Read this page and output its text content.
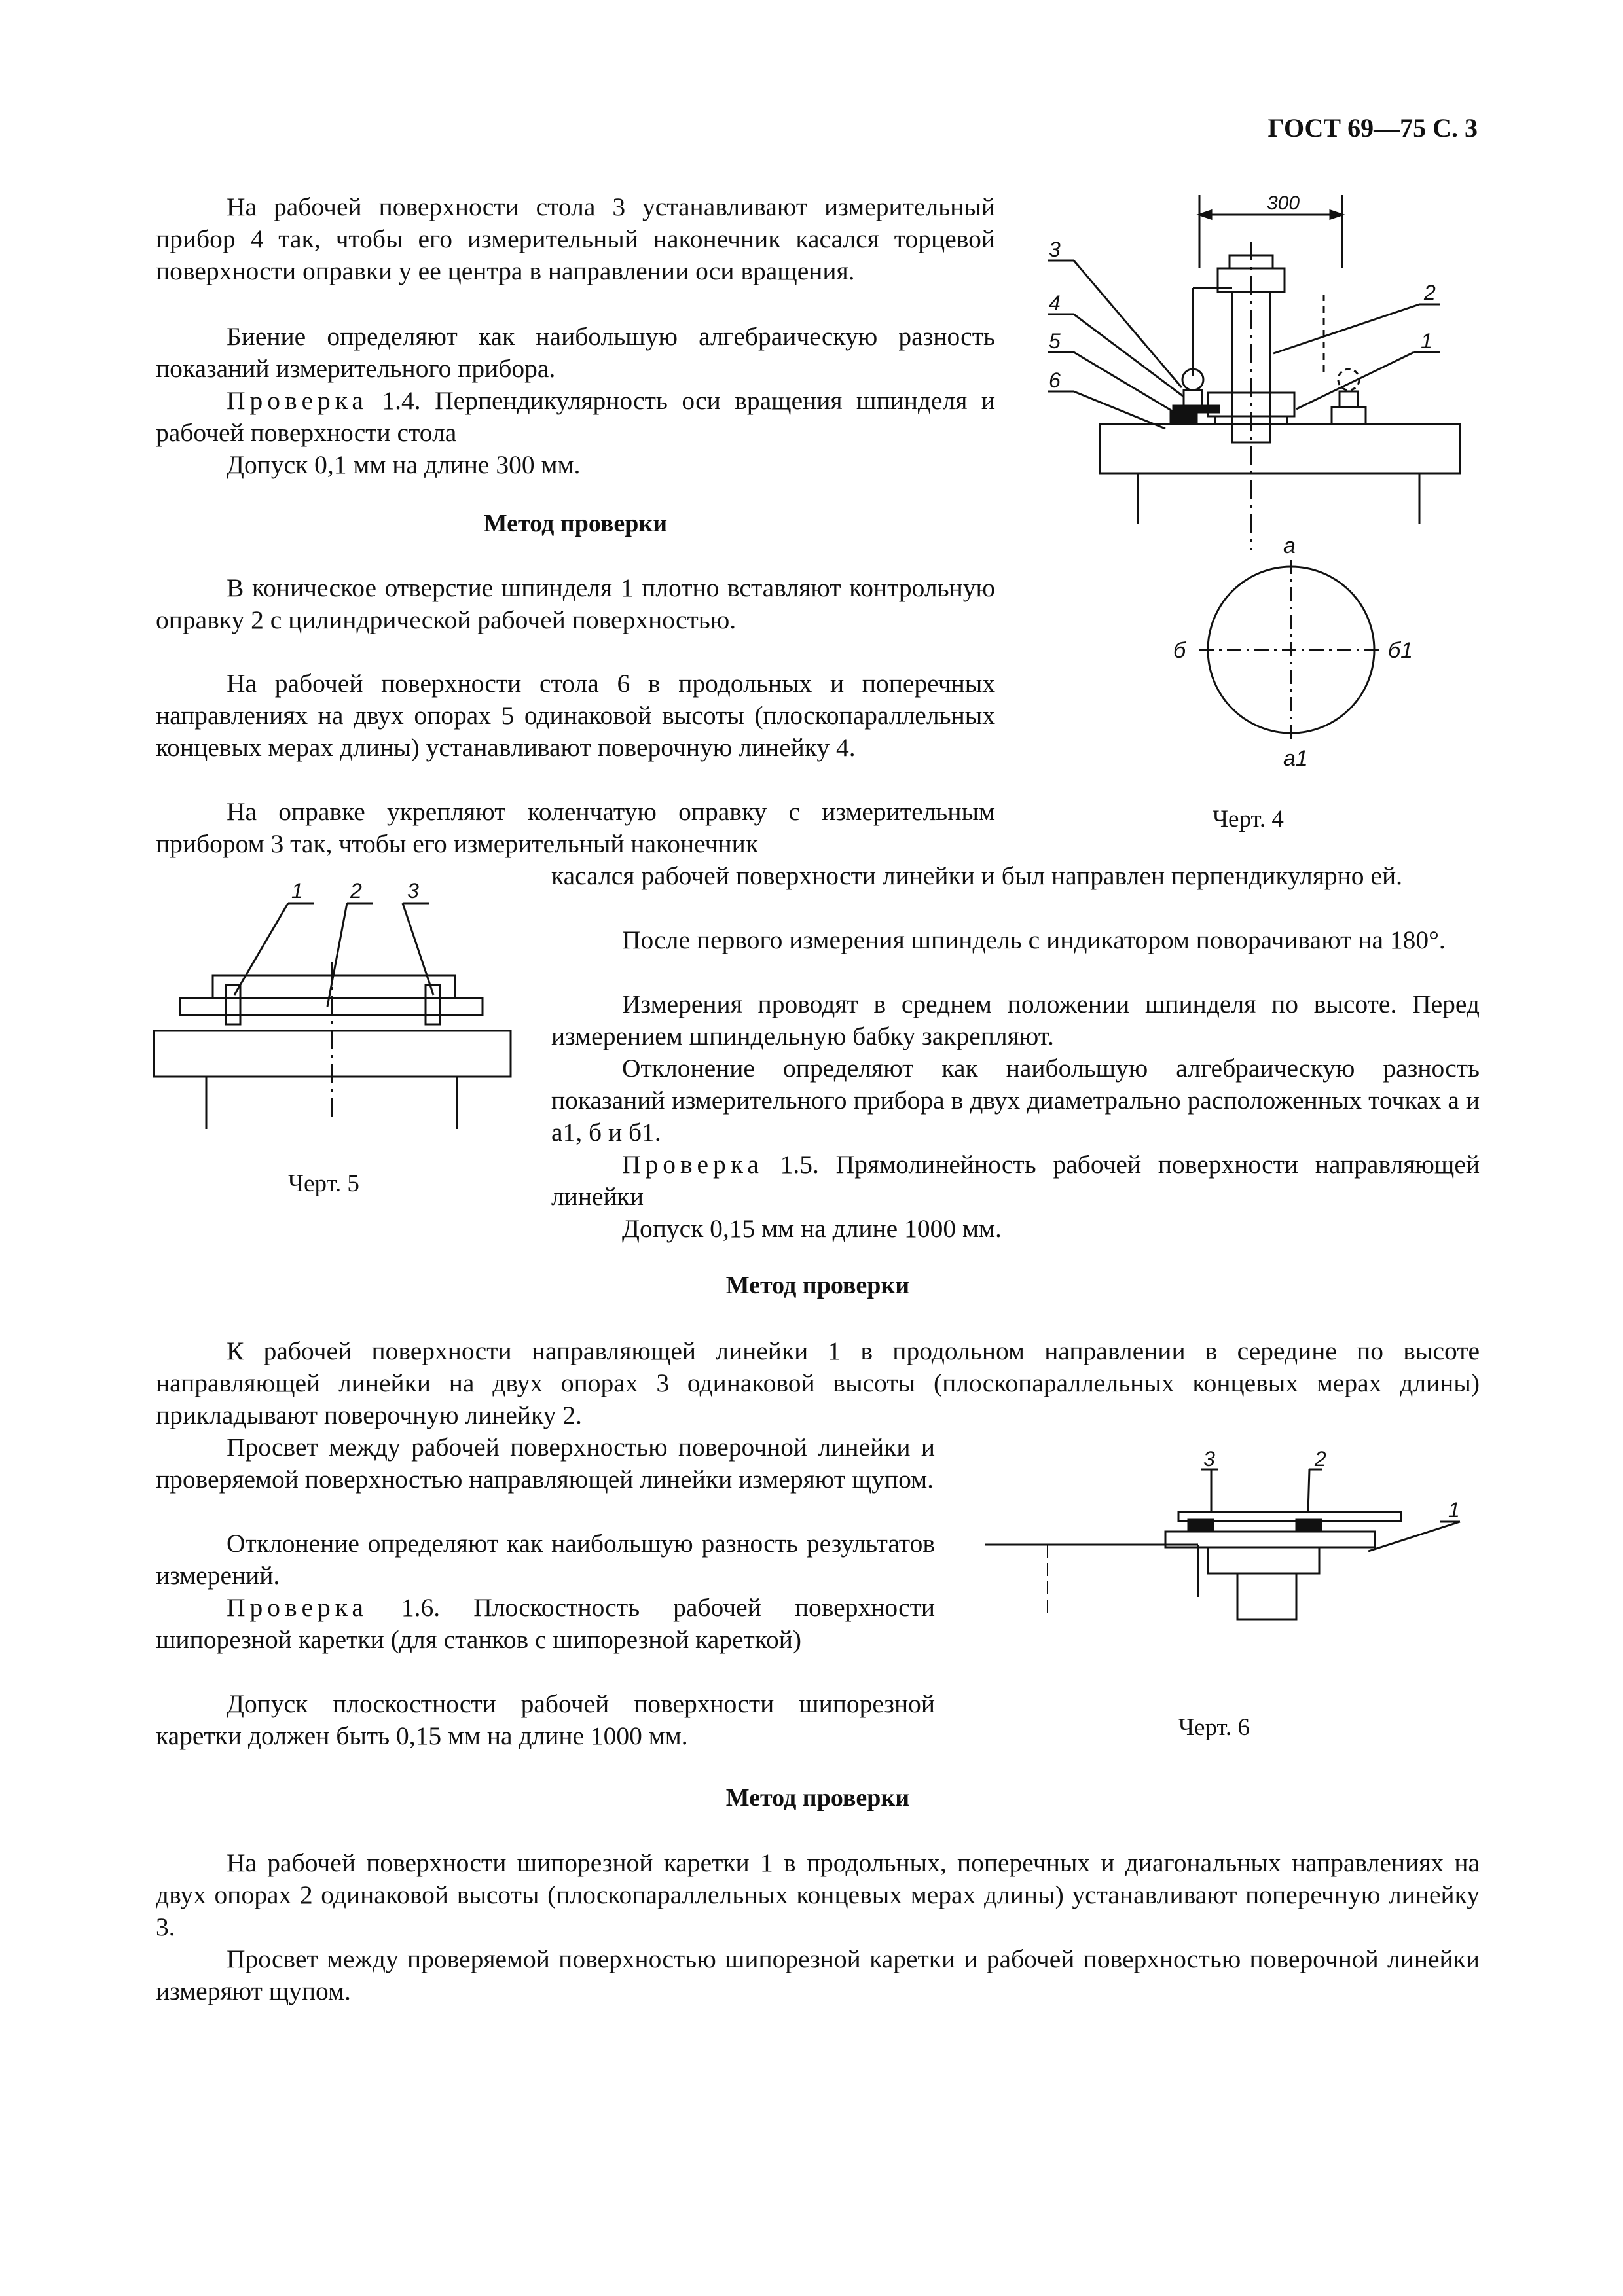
ГОСТ 69—75 С. 3

На рабочей поверхности стола 3 устанавливают измерительный прибор 4 так, чтобы его измерительный наконечник касался торцевой поверхности оправки у ее центра в направлении оси вращения.

Биение определяют как наибольшую алгебраическую разность показаний измерительного прибора.

Проверка 1.4. Перпендикулярность оси вращения шпинделя и рабочей поверхности стола

Допуск 0,1 мм на длине 300 мм.

Метод проверки

В коническое отверстие шпинделя 1 плотно вставляют контрольную оправку 2 с цилиндрической рабочей поверхностью.

На рабочей поверхности стола 6 в продольных и поперечных направлениях на двух опорах 5 одинаковой высоты (плоскопараллельных концевых мерах длины) устанавливают поверочную линейку 4.

На оправке укрепляют коленчатую оправку с измерительным прибором 3 так, чтобы его измерительный наконечник

касался рабочей поверхности линейки и был направлен перпендикулярно ей.

После первого измерения шпиндель с индикатором поворачивают на 180°.

Измерения проводят в среднем положении шпинделя по высоте. Перед измерением шпиндельную бабку закрепляют.

Отклонение определяют как наибольшую алгебраическую разность показаний измерительного прибора в двух диаметрально расположенных точках а и а1, б и б1.

Проверка 1.5. Прямолинейность рабочей поверхности направляющей линейки

Допуск 0,15 мм на длине 1000 мм.

Метод проверки

К рабочей поверхности направляющей линейки 1 в продольном направлении в середине по высоте направляющей линейки на двух опорах 3 одинаковой высоты (плоскопараллельных концевых мерах длины) прикладывают поверочную линейку 2.

Просвет между рабочей поверхностью поверочной линейки и проверяемой поверхностью направляющей линейки измеряют щупом.

Отклонение определяют как наибольшую разность результатов измерений.

Проверка 1.6. Плоскостность рабочей поверхности шипорезной каретки (для станков с шипорезной кареткой)

Допуск плоскостности рабочей поверхности шипорезной каретки должен быть 0,15 мм на длине 1000 мм.

Метод проверки

На рабочей поверхности шипорезной каретки 1 в продольных, поперечных и диагональных направлениях на двух опорах 2 одинаковой высоты (плоскопараллельных концевых мерах длины) устанавливают поперечную линейку 3.

Просвет между проверяемой поверхностью шипорезной каретки и рабочей поверхностью поверочной линейки измеряют щупом.

300
3
4
5
6
2
1
а
а1
б	б1
Черт. 4
1 2 3
Черт. 5
3	2
1
Черт. 6
